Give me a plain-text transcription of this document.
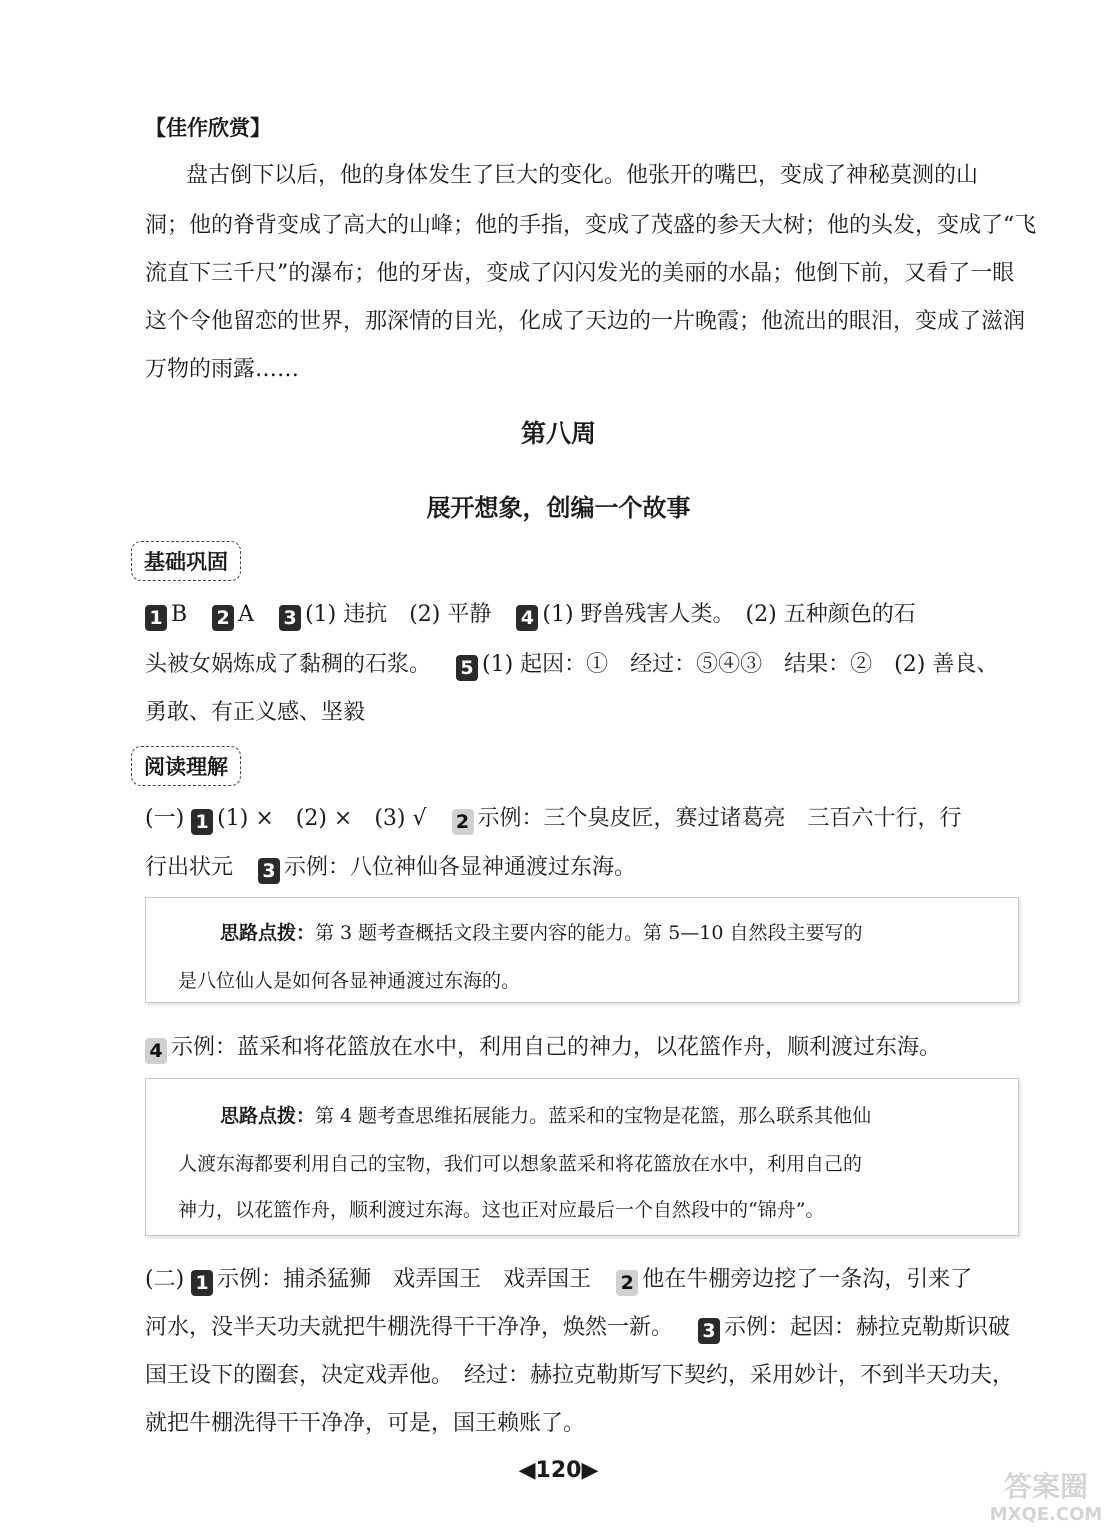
【佳作欣赏】
盘古倒下以后，他的身体发生了巨大的变化。他张开的嘴巴，变成了神秘莫测的山
洞；他的脊背变成了高大的山峰；他的手指，变成了茂盛的参天大树；他的头发，变成了“飞
流直下三千尺”的瀑布；他的牙齿，变成了闪闪发光的美丽的水晶；他倒下前，又看了一眼
这个令他留恋的世界，那深情的目光，化成了天边的一片晚霞；他流出的眼泪，变成了滋润
万物的雨露……
第八周
展开想象，创编一个故事
基础巩固
1 B 2 A 3 (1) 违抗　(2) 平静 4 (1) 野兽残害人类。　(2) 五种颜色的石
头被女娲炼成了黏稠的石浆。 5 (1) 起因：①　经过：⑤④③　结果：②　(2) 善良、
勇敢、有正义感、坚毅
阅读理解
(一) 1 (1) ×　(2) ×　(3) √ 2 示例：三个臭皮匠，赛过诸葛亮　三百六十行，行
行出状元 3 示例：八位神仙各显神通渡过东海。
思路点拨：第 3 题考查概括文段主要内容的能力。第 5—10 自然段主要写的
是八位仙人是如何各显神通渡过东海的。
4 示例：蓝采和将花篮放在水中，利用自己的神力，以花篮作舟，顺利渡过东海。
思路点拨：第 4 题考查思维拓展能力。蓝采和的宝物是花篮，那么联系其他仙
人渡东海都要利用自己的宝物，我们可以想象蓝采和将花篮放在水中，利用自己的
神力，以花篮作舟，顺利渡过东海。这也正对应最后一个自然段中的“锦舟”。
(二) 1 示例：捕杀猛狮　戏弄国王　戏弄国王 2 他在牛棚旁边挖了一条沟，引来了
河水，没半天功夫就把牛棚洗得干干净净，焕然一新。 3 示例：起因：赫拉克勒斯识破
国王设下的圈套，决定戏弄他。　经过：赫拉克勒斯写下契约，采用妙计，不到半天功夫，
就把牛棚洗得干干净净，可是，国王赖账了。
◀120▶	答案圈
MXQE.COM
